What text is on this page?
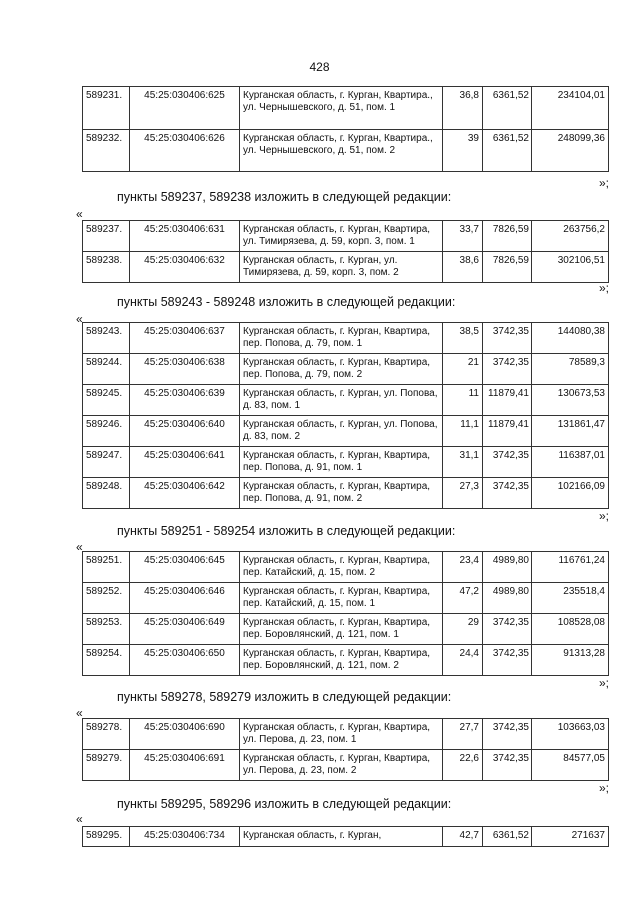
428
589231.	45:25:030406:625	Курганская область, г. Курган, Квартира., ул. Чернышевского, д. 51, пом. 1	36,8	6361,52	234104,01
589232.	45:25:030406:626	Курганская область, г. Курган, Квартира., ул. Чернышевского, д. 51, пом. 2	39	6361,52	248099,36
»;
пункты 589237, 589238 изложить в следующей редакции:
«
589237.	45:25:030406:631	Курганская область, г. Курган, Квартира, ул. Тимирязева, д. 59, корп. 3, пом. 1	33,7	7826,59	263756,2
589238.	45:25:030406:632	Курганская область, г. Курган, ул. Тимирязева, д. 59, корп. 3, пом. 2	38,6	7826,59	302106,51
»;
пункты 589243 - 589248 изложить в следующей редакции:
«
589243.	45:25:030406:637	Курганская область, г. Курган, Квартира, пер. Попова, д. 79, пом. 1	38,5	3742,35	144080,38
589244.	45:25:030406:638	Курганская область, г. Курган, Квартира, пер. Попова, д. 79, пом. 2	21	3742,35	78589,3
589245.	45:25:030406:639	Курганская область, г. Курган, ул. Попова, д. 83, пом. 1	11	11879,41	130673,53
589246.	45:25:030406:640	Курганская область, г. Курган, ул. Попова, д. 83, пом. 2	11,1	11879,41	131861,47
589247.	45:25:030406:641	Курганская область, г. Курган, Квартира, пер. Попова, д. 91, пом. 1	31,1	3742,35	116387,01
589248.	45:25:030406:642	Курганская область, г. Курган, Квартира, пер. Попова, д. 91, пом. 2	27,3	3742,35	102166,09
»;
пункты 589251 - 589254 изложить в следующей редакции:
«
589251.	45:25:030406:645	Курганская область, г. Курган, Квартира, пер. Катайский, д. 15, пом. 2	23,4	4989,80	116761,24
589252.	45:25:030406:646	Курганская область, г. Курган, Квартира, пер. Катайский, д. 15, пом. 1	47,2	4989,80	235518,4
589253.	45:25:030406:649	Курганская область, г. Курган, Квартира, пер. Боровлянский, д. 121, пом. 1	29	3742,35	108528,08
589254.	45:25:030406:650	Курганская область, г. Курган, Квартира, пер. Боровлянский, д. 121, пом. 2	24,4	3742,35	91313,28
»;
пункты 589278, 589279 изложить в следующей редакции:
«
589278.	45:25:030406:690	Курганская область, г. Курган, Квартира, ул. Перова, д. 23, пом. 1	27,7	3742,35	103663,03
589279.	45:25:030406:691	Курганская область, г. Курган, Квартира, ул. Перова, д. 23, пом. 2	22,6	3742,35	84577,05
»;
пункты 589295, 589296 изложить в следующей редакции:
«
589295.	45:25:030406:734	Курганская область, г. Курган,	42,7	6361,52	271637
